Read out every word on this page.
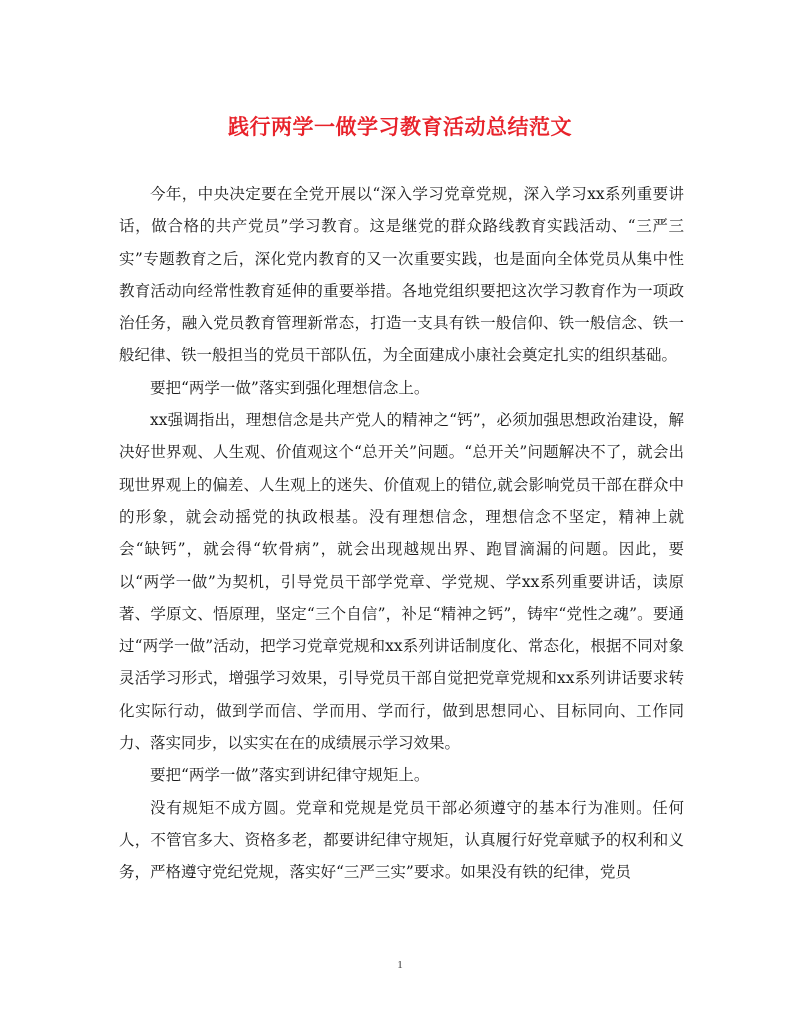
践行两学一做学习教育活动总结范文

今年，中央决定要在全党开展以“深入学习党章党规，深入学习xx系列重要讲话，做合格的共产党员”学习教育。这是继党的群众路线教育实践活动、“三严三实”专题教育之后，深化党内教育的又一次重要实践，也是面向全体党员从集中性教育活动向经常性教育延伸的重要举措。各地党组织要把这次学习教育作为一项政治任务，融入党员教育管理新常态，打造一支具有铁一般信仰、铁一般信念、铁一般纪律、铁一般担当的党员干部队伍，为全面建成小康社会奠定扎实的组织基础。

要把“两学一做”落实到强化理想信念上。

xx强调指出，理想信念是共产党人的精神之“钙”，必须加强思想政治建设，解决好世界观、人生观、价值观这个“总开关”问题。“总开关”问题解决不了，就会出现世界观上的偏差、人生观上的迷失、价值观上的错位,就会影响党员干部在群众中的形象，就会动摇党的执政根基。没有理想信念，理想信念不坚定，精神上就会“缺钙”，就会得“软骨病”，就会出现越规出界、跑冒滴漏的问题。因此，要以“两学一做”为契机，引导党员干部学党章、学党规、学xx系列重要讲话，读原著、学原文、悟原理，坚定“三个自信”，补足“精神之钙”，铸牢“党性之魂”。要通过“两学一做”活动，把学习党章党规和xx系列讲话制度化、常态化，根据不同对象灵活学习形式，增强学习效果，引导党员干部自觉把党章党规和xx系列讲话要求转化实际行动，做到学而信、学而用、学而行，做到思想同心、目标同向、工作同力、落实同步，以实实在在的成绩展示学习效果。

要把“两学一做”落实到讲纪律守规矩上。

没有规矩不成方圆。党章和党规是党员干部必须遵守的基本行为准则。任何人，不管官多大、资格多老，都要讲纪律守规矩，认真履行好党章赋予的权利和义务，严格遵守党纪党规，落实好“三严三实”要求。如果没有铁的纪律，党员

1
